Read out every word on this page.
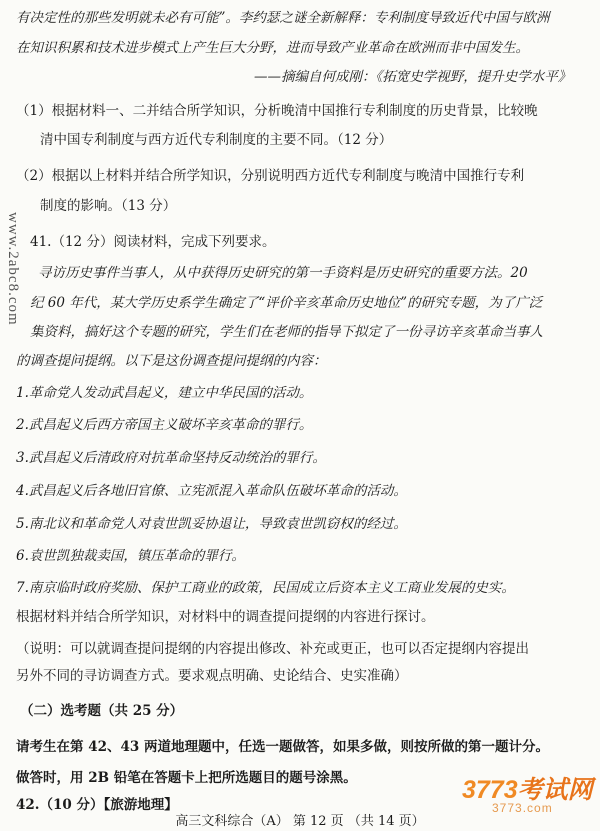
有决定性的那些发明就未必有可能”。李约瑟之谜全新解释：专利制度导致近代中国与欧洲
在知识积累和技术进步模式上产生巨大分野，进而导致产业革命在欧洲而非中国发生。
——摘编自何成刚：《拓宽史学视野，提升史学水平》
（1）根据材料一、二并结合所学知识，分析晚清中国推行专利制度的历史背景，比较晚
清中国专利制度与西方近代专利制度的主要不同。（12 分）
（2）根据以上材料并结合所学知识，分别说明西方近代专利制度与晚清中国推行专利
制度的影响。（13 分）
41.（12 分）阅读材料，完成下列要求。
寻访历史事件当事人，从中获得历史研究的第一手资料是历史研究的重要方法。20
纪 60 年代，某大学历史系学生确定了“评价辛亥革命历史地位”的研究专题，为了广泛
集资料，搞好这个专题的研究，学生们在老师的指导下拟定了一份寻访辛亥革命当事人
的调查提问提纲。以下是这份调查提问提纲的内容：
1.革命党人发动武昌起义，建立中华民国的活动。
2.武昌起义后西方帝国主义破坏辛亥革命的罪行。
3.武昌起义后清政府对抗革命坚持反动统治的罪行。
4.武昌起义后各地旧官僚、立宪派混入革命队伍破坏革命的活动。
5.南北议和革命党人对袁世凯妥协退让，导致袁世凯窃权的经过。
6.袁世凯独裁卖国，镇压革命的罪行。
7.南京临时政府奖励、保护工商业的政策，民国成立后资本主义工商业发展的史实。
根据材料并结合所学知识，对材料中的调查提问提纲的内容进行探讨。
（说明：可以就调查提问提纲的内容提出修改、补充或更正，也可以否定提纲内容提出
另外不同的寻访调查方式。要求观点明确、史论结合、史实准确）
（二）选考题（共 25 分）
请考生在第 42、43 两道地理题中，任选一题做答，如果多做，则按所做的第一题计分。
做答时，用 2B 铅笔在答题卡上把所选题目的题号涂黑。
42.（10 分）【旅游地理】
www.2abc8.com
3773考试网
3773.com
高三文科综合（A） 第 12 页 （共 14 页）
